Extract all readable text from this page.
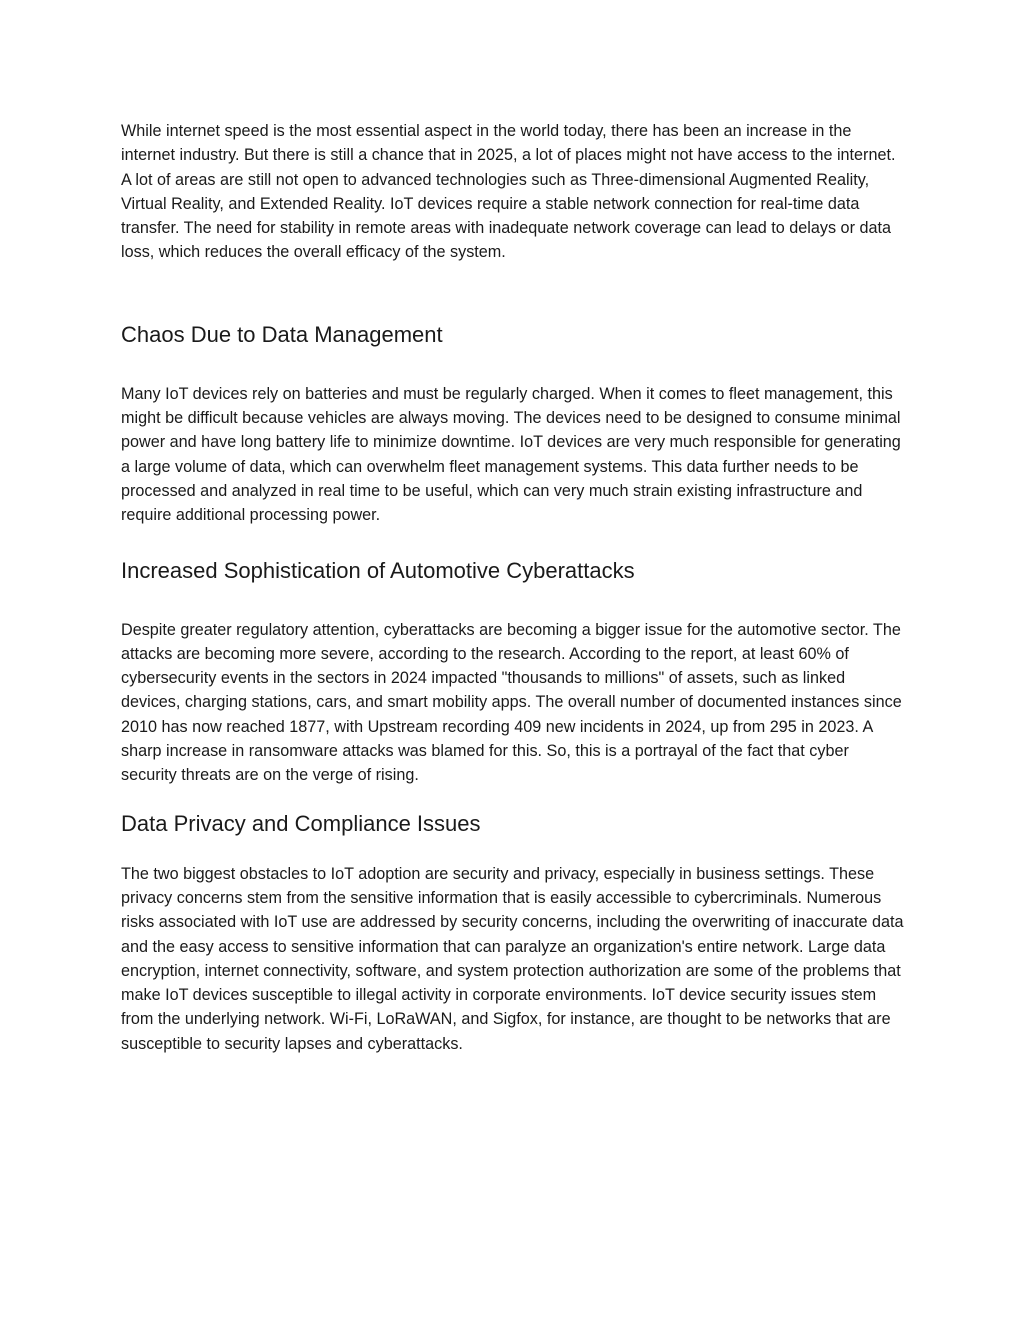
While internet speed is the most essential aspect in the world today, there has been an increase in the internet industry. But there is still a chance that in 2025, a lot of places might not have access to the internet. A lot of areas are still not open to advanced technologies such as Three-dimensional Augmented Reality, Virtual Reality, and Extended Reality. IoT devices require a stable network connection for real-time data transfer. The need for stability in remote areas with inadequate network coverage can lead to delays or data loss, which reduces the overall efficacy of the system.

Chaos Due to Data Management

Many IoT devices rely on batteries and must be regularly charged. When it comes to fleet management, this might be difficult because vehicles are always moving. The devices need to be designed to consume minimal power and have long battery life to minimize downtime. IoT devices are very much responsible for generating a large volume of data, which can overwhelm fleet management systems. This data further needs to be processed and analyzed in real time to be useful, which can very much strain existing infrastructure and require additional processing power.

Increased Sophistication of Automotive Cyberattacks

Despite greater regulatory attention, cyberattacks are becoming a bigger issue for the automotive sector. The attacks are becoming more severe, according to the research. According to the report, at least 60% of cybersecurity events in the sectors in 2024 impacted "thousands to millions" of assets, such as linked devices, charging stations, cars, and smart mobility apps. The overall number of documented instances since 2010 has now reached 1877, with Upstream recording 409 new incidents in 2024, up from 295 in 2023. A sharp increase in ransomware attacks was blamed for this. So, this is a portrayal of the fact that cyber security threats are on the verge of rising.

Data Privacy and Compliance Issues

The two biggest obstacles to IoT adoption are security and privacy, especially in business settings. These privacy concerns stem from the sensitive information that is easily accessible to cybercriminals. Numerous risks associated with IoT use are addressed by security concerns, including the overwriting of inaccurate data and the easy access to sensitive information that can paralyze an organization's entire network. Large data encryption, internet connectivity, software, and system protection authorization are some of the problems that make IoT devices susceptible to illegal activity in corporate environments. IoT device security issues stem from the underlying network. Wi-Fi, LoRaWAN, and Sigfox, for instance, are thought to be networks that are susceptible to security lapses and cyberattacks.
